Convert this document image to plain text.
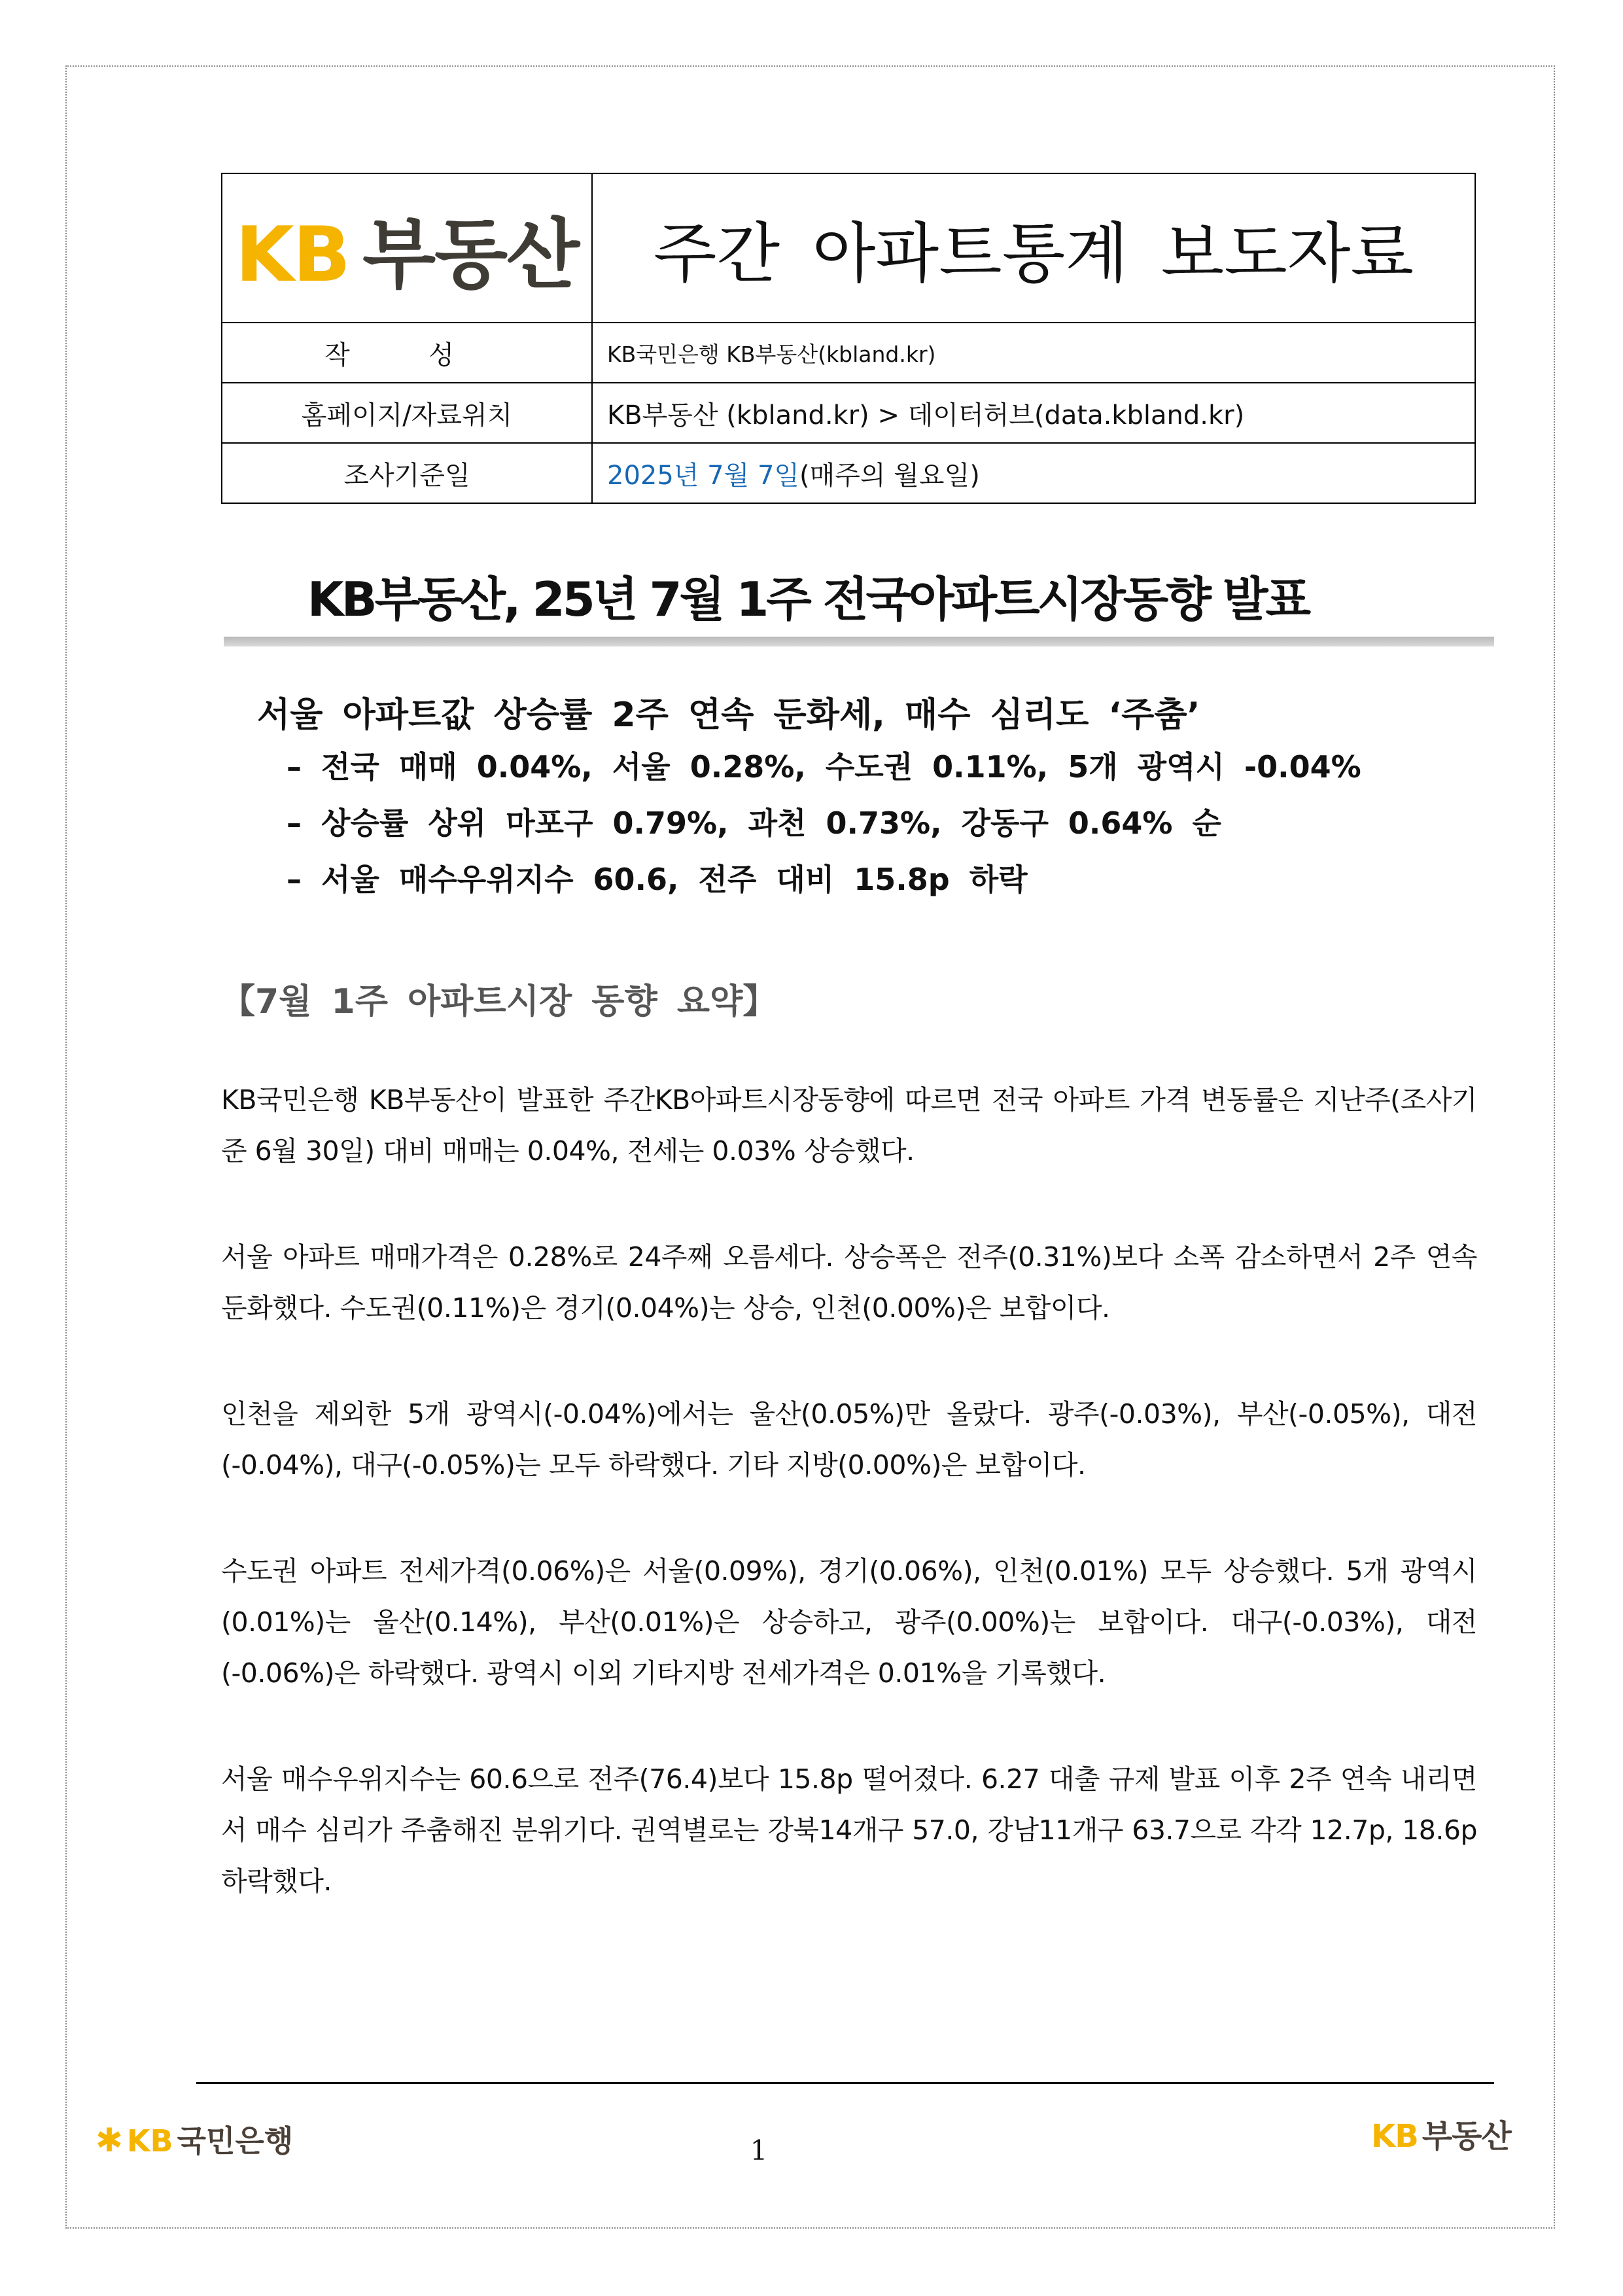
KB 부동산	주간 아파트통계 보도자료
작 성	KB국민은행 KB부동산(kbland.kr)
홈페이지/자료위치	KB부동산 (kbland.kr) > 데이터허브(data.kbland.kr)
조사기준일	2025년 7월 7일(매주의 월요일)
KB부동산, 25년 7월 1주 전국아파트시장동향 발표
서울 아파트값 상승률 2주 연속 둔화세, 매수 심리도 ‘주춤’
– 전국 매매 0.04%, 서울 0.28%, 수도권 0.11%, 5개 광역시 -0.04%
– 상승률 상위 마포구 0.79%, 과천 0.73%, 강동구 0.64% 순
– 서울 매수우위지수 60.6, 전주 대비 15.8p 하락
【7월 1주 아파트시장 동향 요약】

KB국민은행 KB부동산이 발표한 주간KB아파트시장동향에 따르면 전국 아파트 가격 변동률은 지난주(조사기준 6월 30일) 대비 매매는 0.04%, 전세는 0.03% 상승했다.

서울 아파트 매매가격은 0.28%로 24주째 오름세다. 상승폭은 전주(0.31%)보다 소폭 감소하면서 2주 연속 둔화했다. 수도권(0.11%)은 경기(0.04%)는 상승, 인천(0.00%)은 보합이다.

인천을 제외한 5개 광역시(-0.04%)에서는 울산(0.05%)만 올랐다. 광주(-0.03%), 부산(-0.05%), 대전(-0.04%), 대구(-0.05%)는 모두 하락했다. 기타 지방(0.00%)은 보합이다.

수도권 아파트 전세가격(0.06%)은 서울(0.09%), 경기(0.06%), 인천(0.01%) 모두 상승했다. 5개 광역시(0.01%)는 울산(0.14%), 부산(0.01%)은 상승하고, 광주(0.00%)는 보합이다. 대구(-0.03%), 대전(-0.06%)은 하락했다. 광역시 이외 기타지방 전세가격은 0.01%을 기록했다.

서울 매수우위지수는 60.6으로 전주(76.4)보다 15.8p 떨어졌다. 6.27 대출 규제 발표 이후 2주 연속 내리면서 매수 심리가 주춤해진 분위기다. 권역별로는 강북14개구 57.0, 강남11개구 63.7으로 각각 12.7p, 18.6p 하락했다.

✱ KB 국민은행	1	KB 부동산
